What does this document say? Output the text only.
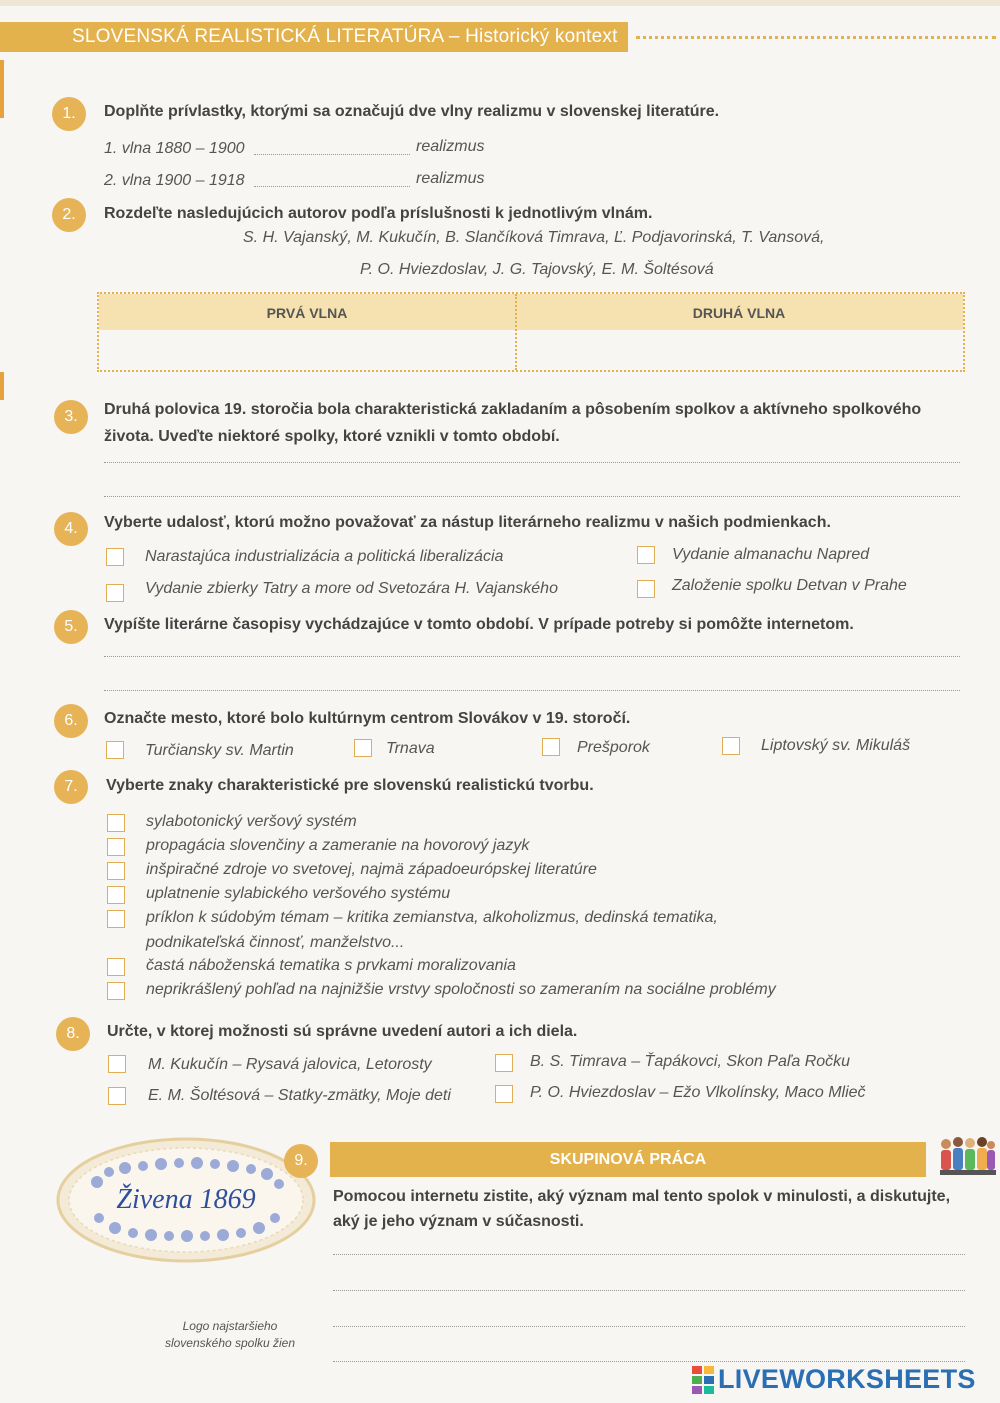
SLOVENSKÁ REALISTICKÁ LITERATÚRA – Historický kontext
1.	Doplňte prívlastky, ktorými sa označujú dve vlny realizmu v slovenskej literatúre.
1. vlna 1880 – 1900	realizmus
2. vlna 1900 – 1918	realizmus
2.	Rozdeľte nasledujúcich autorov podľa príslušnosti k jednotlivým vlnám.
S. H. Vajanský, M. Kukučín, B. Slančíková Timrava, Ľ. Podjavorinská, T. Vansová,
P. O. Hviezdoslav, J. G. Tajovský, E. M. Šoltésová
PRVÁ VLNA	DRUHÁ VLNA
3.	Druhá polovica 19. storočia bola charakteristická zakladaním a pôsobením spolkov a aktívneho spolkového
života. Uveďte niektoré spolky, ktoré vznikli v tomto období.
4.	Vyberte udalosť, ktorú možno považovať za nástup literárneho realizmu v našich podmienkach.
Narastajúca industrializácia a politická liberalizácia	Vydanie almanachu Napred
Vydanie zbierky Tatry a more od Svetozára H. Vajanského	Založenie spolku Detvan v Prahe
5.	Vypíšte literárne časopisy vychádzajúce v tomto období. V prípade potreby si pomôžte internetom.
6.	Označte mesto, ktoré bolo kultúrnym centrom Slovákov v 19. storočí.
Turčiansky sv. Martin	Trnava	Prešporok	Liptovský sv. Mikuláš
7.	Vyberte znaky charakteristické pre slovenskú realistickú tvorbu.
sylabotonický veršový systém
propagácia slovenčiny a zameranie na hovorový jazyk
inšpiračné zdroje vo svetovej, najmä západoeurópskej literatúre
uplatnenie sylabického veršového systému
príklon k súdobým témam – kritika zemianstva, alkoholizmus, dedinská tematika,
podnikateľská činnosť, manželstvo...
častá náboženská tematika s prvkami moralizovania
neprikrášlený pohľad na najnižšie vrstvy spoločnosti so zameraním na sociálne problémy
8.	Určte, v ktorej možnosti sú správne uvedení autori a ich diela.
M. Kukučín – Rysavá jalovica, Letorosty	B. S. Timrava – Ťapákovci, Skon Paľa Ročku
E. M. Šoltésová – Statky-zmätky, Moje deti	P. O. Hviezdoslav – Ežo Vlkolínsky, Maco Mlieč
Živena 1869
Logo najstaršieho
slovenského spolku žien
9.	SKUPINOVÁ PRÁCA
Pomocou internetu zistite, aký význam mal tento spolok v minulosti, a diskutujte,
aký je jeho význam v súčasnosti.
LIVEWORKSHEETS
